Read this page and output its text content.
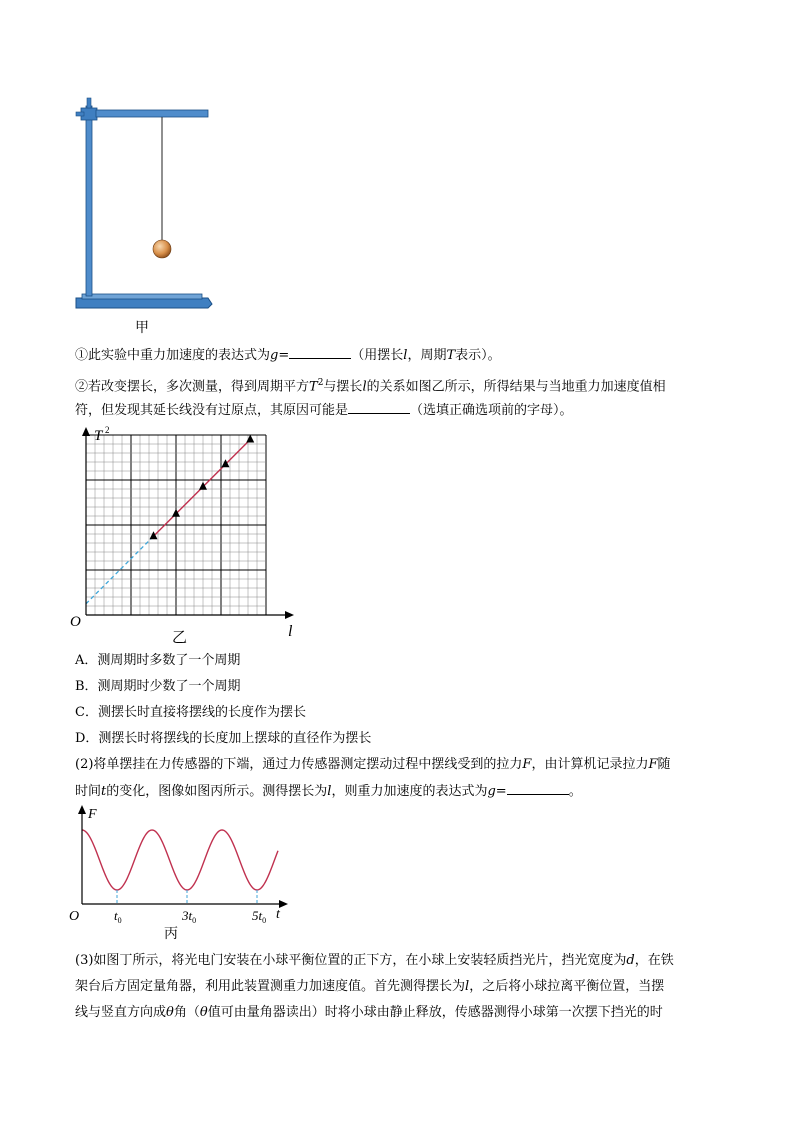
甲
①此实验中重力加速度的表达式为g=	（用摆长l，周期T表示）。
②若改变摆长，多次测量，得到周期平方$T^2$与摆长l的关系如图乙所示，所得结果与当地重力加速度值相
符，但发现其延长线没有过原点，其原因可能是	（选填正确选项前的字母）。
O
l
T 2
乙
A．测周期时多数了一个周期
B．测周期时少数了一个周期
C．测摆长时直接将摆线的长度作为摆长
D．测摆长时将摆线的长度加上摆球的直径作为摆长
(2)将单摆挂在力传感器的下端，通过力传感器测定摆动过程中摆线受到的拉力F，由计算机记录拉力F随
时间t的变化，图像如图丙所示。测得摆长为l，则重力加速度的表达式为g=	。
O
F
t
$t_0$	$3t_0$	$5t_0$
丙
(3)如图丁所示，将光电门安装在小球平衡位置的正下方，在小球上安装轻质挡光片，挡光宽度为d，在铁
架台后方固定量角器，利用此装置测重力加速度值。首先测得摆长为l，之后将小球拉离平衡位置，当摆
线与竖直方向成θ角（θ值可由量角器读出）时将小球由静止释放，传感器测得小球第一次摆下挡光的时
